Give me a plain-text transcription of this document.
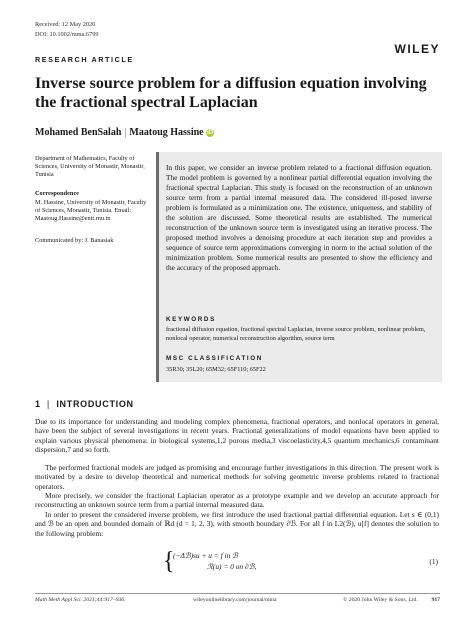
Received: 12 May 2020
DOI: 10.1002/mma.6799
RESEARCH ARTICLE
WILEY
Inverse source problem for a diffusion equation involving the fractional spectral Laplacian
Mohamed BenSalah | Maatoug Hassine iD
Department of Mathematics, Faculty of Sciences, University of Monastir, Monastir, Tunisia
Correspondence
M. Hassine, University of Monastir, Faculty of Sciences, Monastir, Tunisia. Email: Maatoug.Hassine@enit.rnu.tn
Communicated by: J. Banasiak
In this paper, we consider an inverse problem related to a fractional diffusion equation. The model problem is governed by a nonlinear partial differential equation involving the fractional spectral Laplacian. This study is focused on the reconstruction of an unknown source term from a partial internal measured data. The considered ill-posed inverse problem is formulated as a minimization one. The existence, uniqueness, and stability of the solution are discussed. Some theoretical results are established. The numerical reconstruction of the unknown source term is investigated using an iterative process. The proposed method involves a denoising procedure at each iteration step and provides a sequence of source term approximations converging in norm to the actual solution of the minimization problem. Some numerical results are presented to show the efficiency and the accuracy of the proposed approach.
KEYWORDS
fractional diffusion equation, fractional spectral Laplacian, inverse source problem, nonlinear problem, nonlocal operator, numerical reconstruction algorithm, source term
MSC CLASSIFICATION
35R30; 35L20; 65M32; 65F110; 65F22
1 | INTRODUCTION
Due to its importance for understanding and modeling complex phenomena, fractional operators, and nonlocal operators in general, have been the subject of several investigations in recent years. Fractional generalizations of model equations have been applied to explain various physical phenomena: in biological systems,1,2 porous media,3 viscoelasticity,4,5 quantum mechanics,6 contaminant dispersion,7 and so forth.
The performed fractional models are judged as promising and encourage further investigations in this direction. The present work is motivated by a desire to develop theoretical and numerical methods for solving geometric inverse problems related to fractional operators.
More precisely, we consider the fractional Laplacian operator as a prototype example and we develop an accurate approach for reconstructing an unknown source term from a partial internal measured data.
In order to present the considered inverse problem, we first introduce the used fractional partial differential equation. Let s ∈ (0,1) and ℬ be an open and bounded domain of ℝd (d = 1, 2, 3), with smooth boundary ∂ℬ. For all f in L2(ℬ), u[f] denotes the solution to the following problem:
{
(−Δℬ)su + u = f in ℬ
ℛ(u) = 0 on ∂ℬ,	(1)
Math Meth Appl Sci. 2021;44:917–936.	wileyonlinelibrary.com/journal/mma	© 2020 John Wiley & Sons, Ltd. 917
